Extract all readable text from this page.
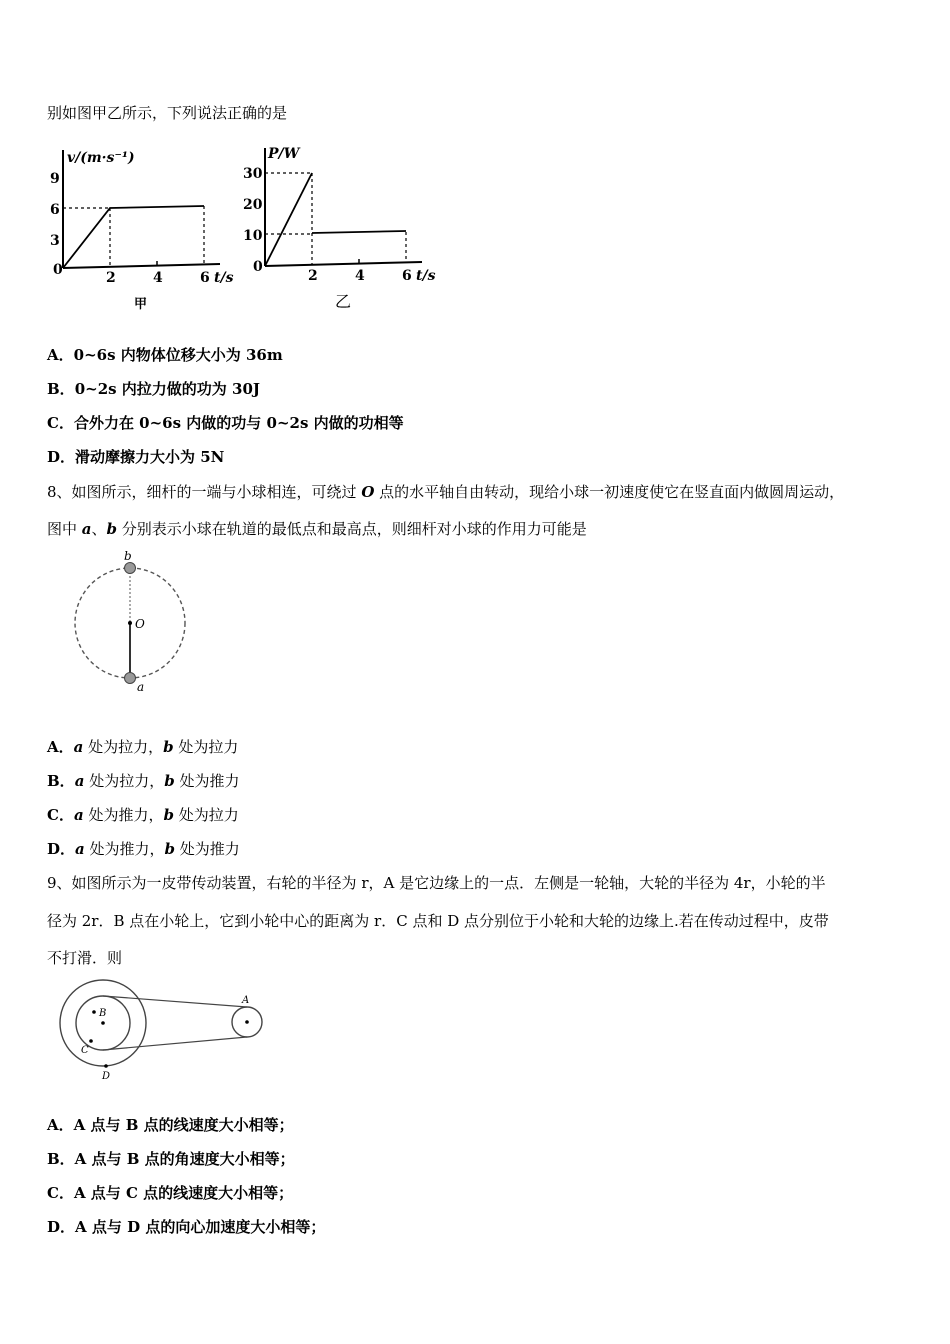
别如图甲乙所示，下列说法正确的是
v/(m·s⁻¹)
9
6
3
0	2	4	6 t/s
甲
P/W
30
20
10
0
2	4	6 t/s
乙
A．0~6s 内物体位移大小为 36m
B．0~2s 内拉力做的功为 30J
C．合外力在 0~6s 内做的功与 0~2s 内做的功相等
D．滑动摩擦力大小为 5N
8、如图所示，细杆的一端与小球相连，可绕过 O 点的水平轴自由转动，现给小球一初速度使它在竖直面内做圆周运动，
图中 a、b 分别表示小球在轨道的最低点和最高点，则细杆对小球的作用力可能是
b
O
a
A．a 处为拉力，b 处为拉力
B．a 处为拉力，b 处为推力
C．a 处为推力，b 处为拉力
D．a 处为推力，b 处为推力
9、如图所示为一皮带传动装置，右轮的半径为 r，A 是它边缘上的一点．左侧是一轮轴，大轮的半径为 4r，小轮的半
径为 2r．B 点在小轮上，它到小轮中心的距离为 r．C 点和 D 点分别位于小轮和大轮的边缘上.若在传动过程中，皮带
不打滑．则
B
C
D
A
A．A 点与 B 点的线速度大小相等；
B．A 点与 B 点的角速度大小相等；
C．A 点与 C 点的线速度大小相等；
D．A 点与 D 点的向心加速度大小相等；
